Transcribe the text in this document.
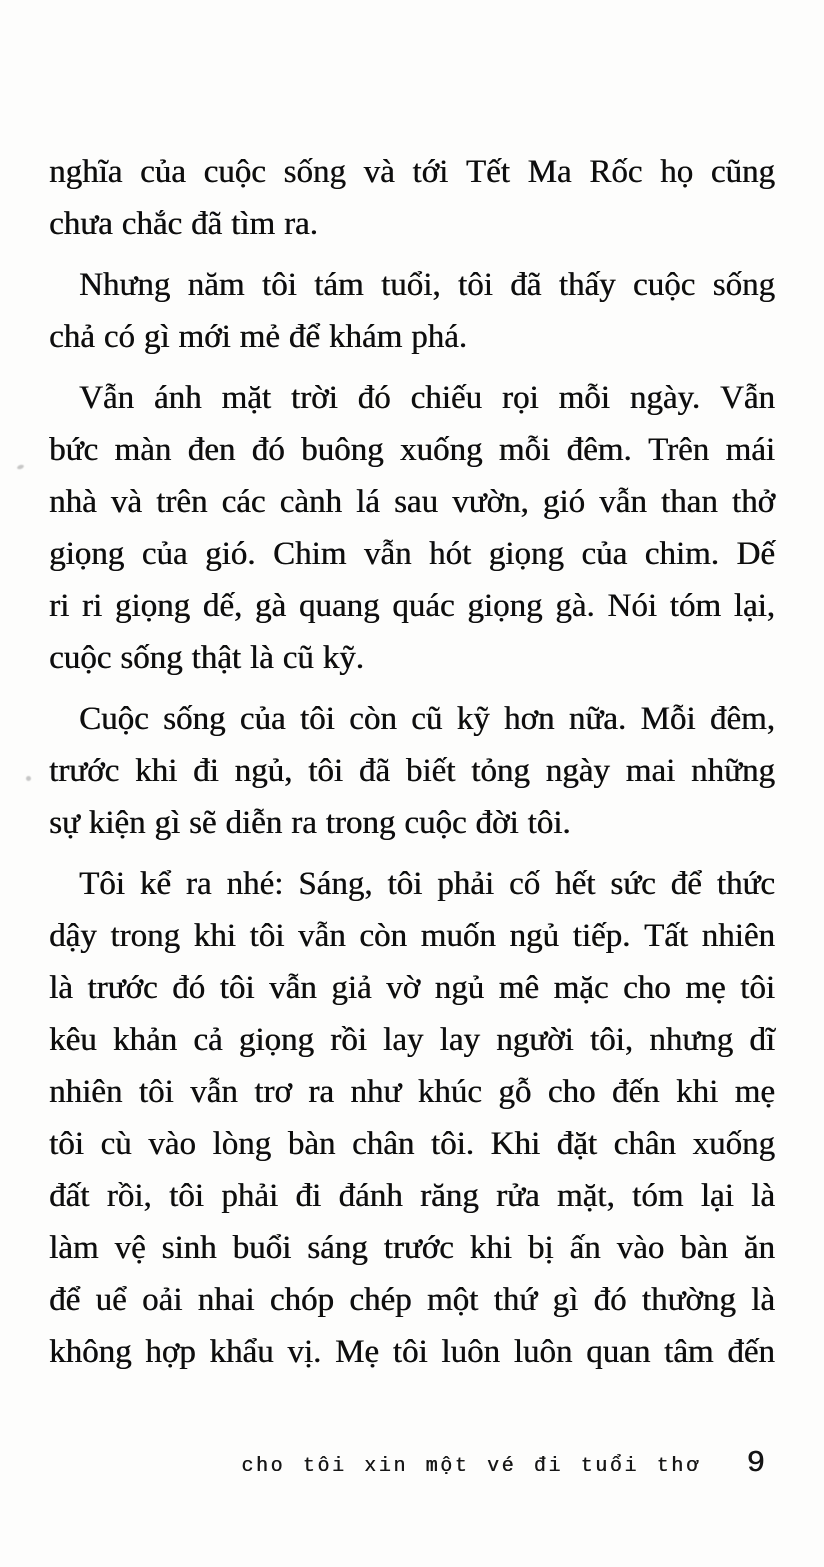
nghĩa của cuộc sống và tới Tết Ma Rốc họ cũng
chưa chắc đã tìm ra.
Nhưng năm tôi tám tuổi, tôi đã thấy cuộc sống
chả có gì mới mẻ để khám phá.
Vẫn ánh mặt trời đó chiếu rọi mỗi ngày. Vẫn
bức màn đen đó buông xuống mỗi đêm. Trên mái
nhà và trên các cành lá sau vườn, gió vẫn than thở
giọng của gió. Chim vẫn hót giọng của chim. Dế
ri ri giọng dế, gà quang quác giọng gà. Nói tóm lại,
cuộc sống thật là cũ kỹ.
Cuộc sống của tôi còn cũ kỹ hơn nữa. Mỗi đêm,
trước khi đi ngủ, tôi đã biết tỏng ngày mai những
sự kiện gì sẽ diễn ra trong cuộc đời tôi.
Tôi kể ra nhé: Sáng, tôi phải cố hết sức để thức
dậy trong khi tôi vẫn còn muốn ngủ tiếp. Tất nhiên
là trước đó tôi vẫn giả vờ ngủ mê mặc cho mẹ tôi
kêu khản cả giọng rồi lay lay người tôi, nhưng dĩ
nhiên tôi vẫn trơ ra như khúc gỗ cho đến khi mẹ
tôi cù vào lòng bàn chân tôi. Khi đặt chân xuống
đất rồi, tôi phải đi đánh răng rửa mặt, tóm lại là
làm vệ sinh buổi sáng trước khi bị ấn vào bàn ăn
để uể oải nhai chóp chép một thứ gì đó thường là
không hợp khẩu vị. Mẹ tôi luôn luôn quan tâm đến
cho tôi xin một vé đi tuổi thơ 9
